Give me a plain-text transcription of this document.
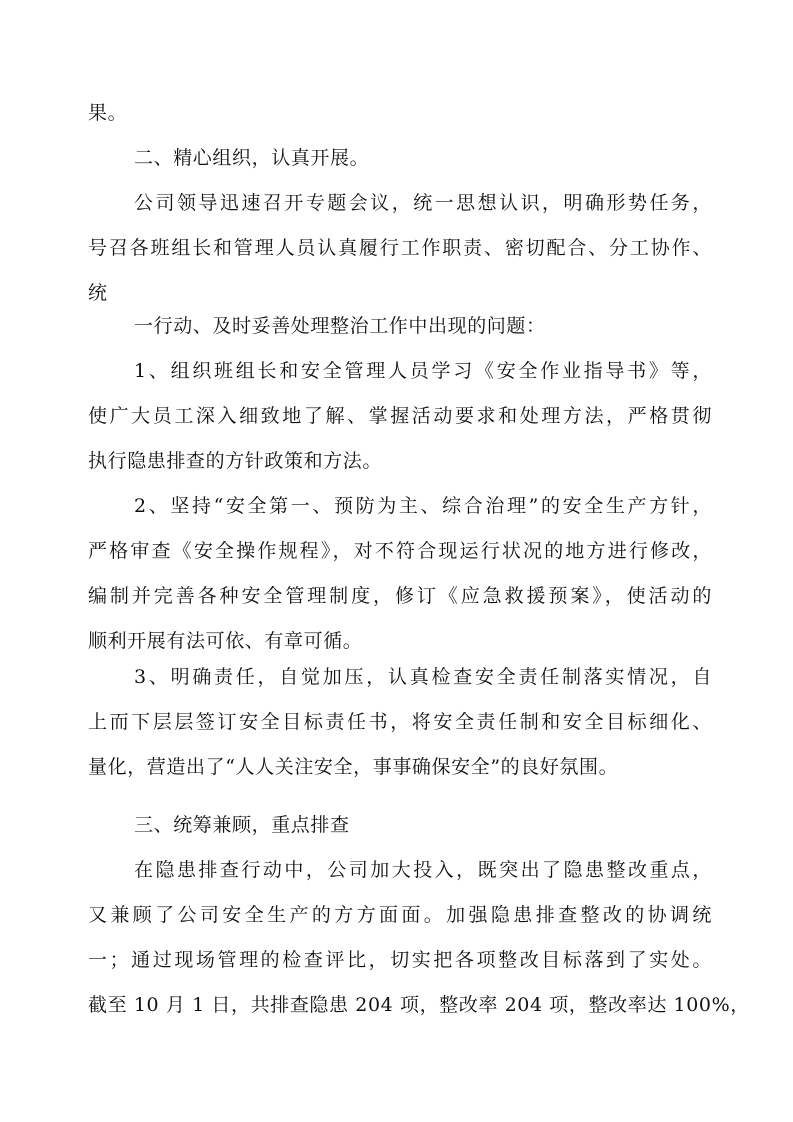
果。
二、精心组织，认真开展。
公司领导迅速召开专题会议，统一思想认识，明确形势任务，
号召各班组长和管理人员认真履行工作职责、密切配合、分工协作、
统
一行动、及时妥善处理整治工作中出现的问题：
1、组织班组长和安全管理人员学习《安全作业指导书》等，
使广大员工深入细致地了解、掌握活动要求和处理方法，严格贯彻
执行隐患排查的方针政策和方法。
2、坚持“安全第一、预防为主、综合治理”的安全生产方针，
严格审查《安全操作规程》，对不符合现运行状况的地方进行修改，
编制并完善各种安全管理制度，修订《应急救援预案》，使活动的
顺利开展有法可依、有章可循。
3、明确责任，自觉加压，认真检查安全责任制落实情况，自
上而下层层签订安全目标责任书，将安全责任制和安全目标细化、
量化，营造出了“人人关注安全，事事确保安全”的良好氛围。
三、统筹兼顾，重点排查
在隐患排查行动中，公司加大投入，既突出了隐患整改重点，
又兼顾了公司安全生产的方方面面。加强隐患排查整改的协调统
一；通过现场管理的检查评比，切实把各项整改目标落到了实处。
截至 10 月 1 日，共排查隐患 204 项，整改率 204 项，整改率达 100%，
